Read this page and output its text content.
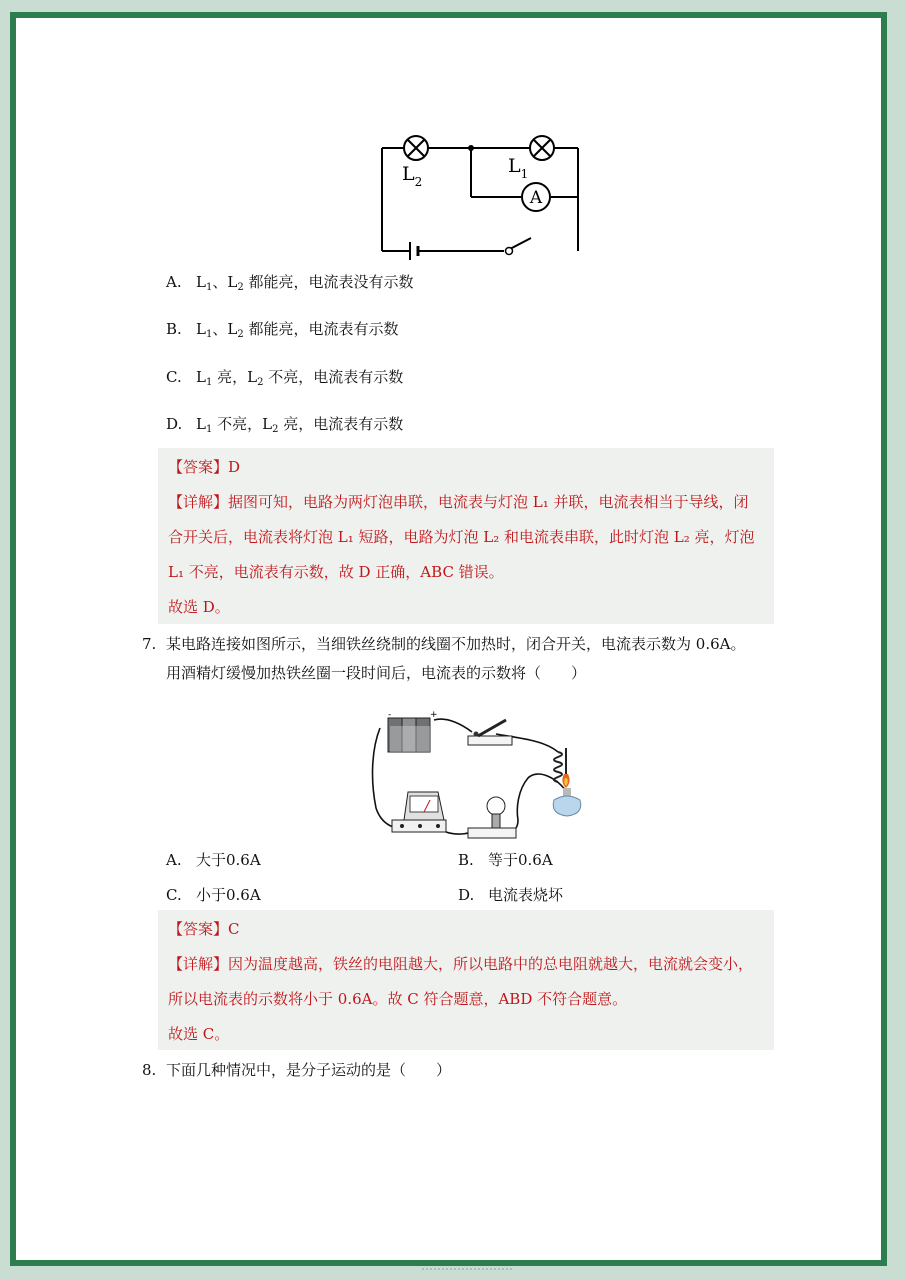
A
$L_2$
$L_1$
A. $L_1$、$L_2$ 都能亮，电流表没有示数
B. $L_1$、$L_2$ 都能亮，电流表有示数
C. $L_1$ 亮，$L_2$ 不亮，电流表有示数
D. $L_1$ 不亮，$L_2$ 亮，电流表有示数

【答案】D

【详解】据图可知，电路为两灯泡串联，电流表与灯泡 L₁ 并联，电流表相当于导线，闭

合开关后，电流表将灯泡 L₁ 短路，电路为灯泡 L₂ 和电流表串联，此时灯泡 L₂ 亮，灯泡

L₁ 不亮，电流表有示数，故 D 正确，ABC 错误。

故选 D。

7. 某电路连接如图所示，当细铁丝绕制的线圈不加热时，闭合开关，电流表示数为 0.6A。
用酒精灯缓慢加热铁丝圈一段时间后，电流表的示数将（　　）
-	+
A. 大于0.6A	B. 等于0.6A
C. 小于0.6A	D. 电流表烧坏

【答案】C

【详解】因为温度越高，铁丝的电阻越大，所以电路中的总电阻就越大，电流就会变小，

所以电流表的示数将小于 0.6A。故 C 符合题意，ABD 不符合题意。

故选 C。

8. 下面几种情况中，是分子运动的是（　　）
